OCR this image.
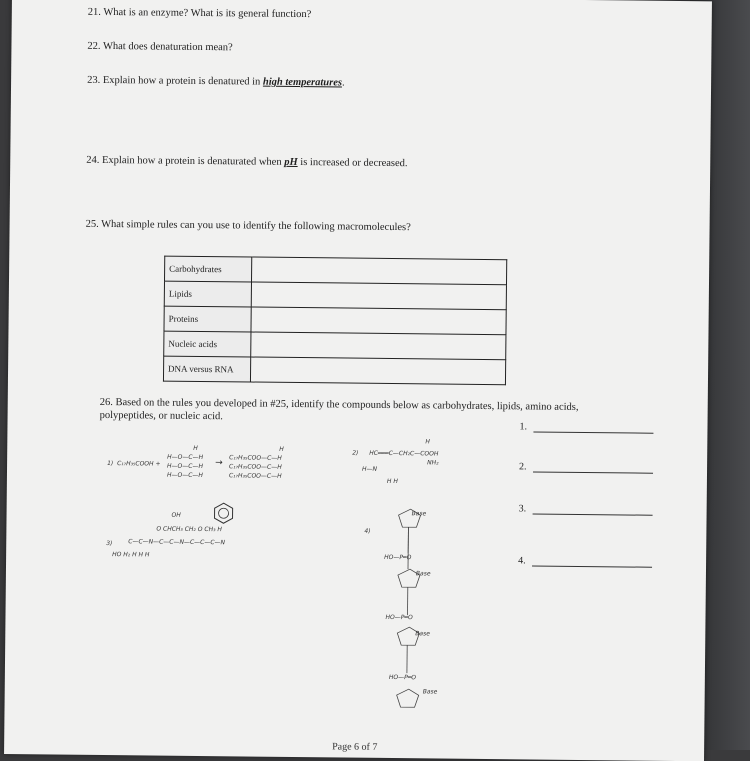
21. What is an enzyme? What is its general function?
22. What does denaturation mean?
23. Explain how a protein is denatured in high temperatures.
24. Explain how a protein is denaturated when pH is increased or decreased.
25. What simple rules can you use to identify the following macromolecules?
Carbohydrates	
Lipids	
Proteins	
Nucleic acids	
DNA versus RNA	
26. Based on the rules you developed in #25, identify the compounds below as carbohydrates, lipids, amino acids,
polypeptides, or nucleic acid.
1.
2.
3.
4.
1) C₁₇H₃₅COOH +
H
H—O—C—H
H—O—C—H
H—O—C—H
→
H
C₁₇H₃₅COO—C—H
C₁₇H₃₅COO—C—H
C₁₇H₃₅COO—C—H
2)
H
HC═══C—CH₂C—COOH
NH₂
H—N
H H
3)
OH
O CHCH₃ CH₂ O CH₃ H
C—C—N—C—C—N—C—C—C—N
HO H₂ H H H
4)
Base
Base
Base
Base
HO—P═O
HO—P═O
HO—P═O
Page 6 of 7
